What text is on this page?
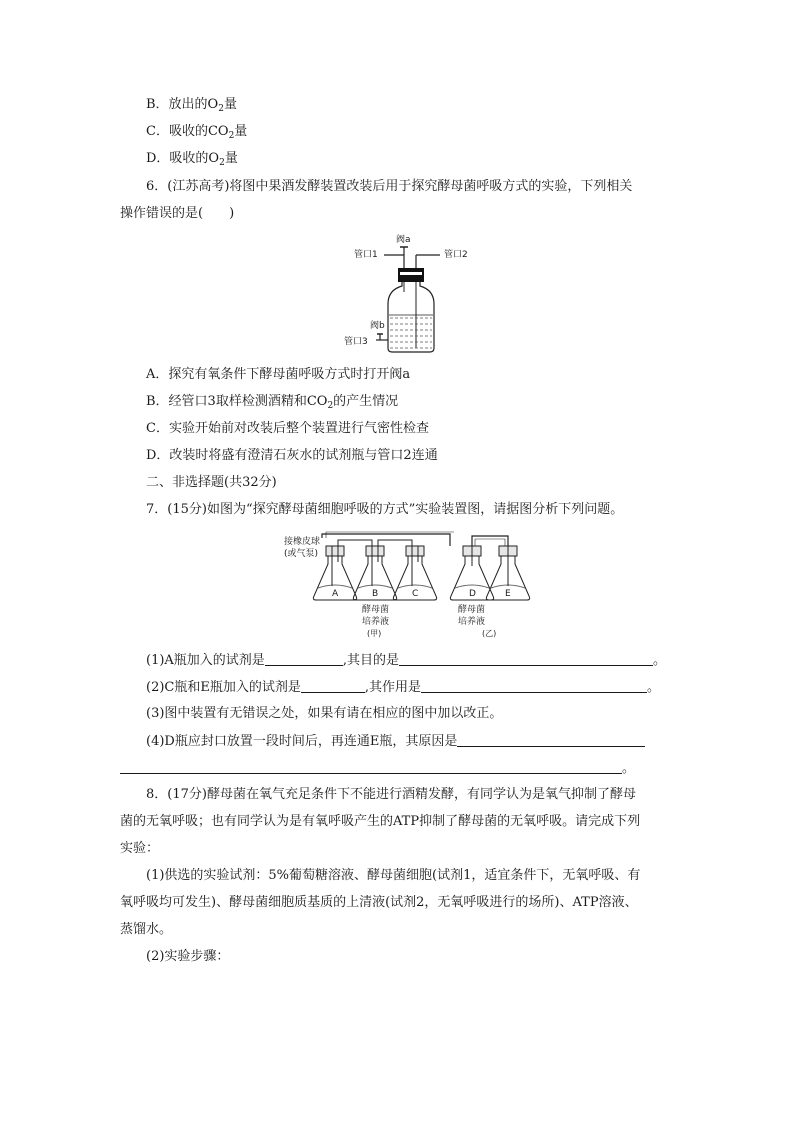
B．放出的$O_2$量
C．吸收的$CO_2$量
D．吸收的$O_2$量
6．(江苏高考)将图中果酒发酵装置改装后用于探究酵母菌呼吸方式的实验，下列相关
操作错误的是(　　)
阀a
管口1	管口2
阀b
管口3
A．探究有氧条件下酵母菌呼吸方式时打开阀a
B．经管口3取样检测酒精和$CO_2$的产生情况
C．实验开始前对改装后整个装置进行气密性检查
D．改装时将盛有澄清石灰水的试剂瓶与管口2连通
二、非选择题(共32分)
7．(15分)如图为“探究酵母菌细胞呼吸的方式”实验装置图，请据图分析下列问题。
接橡皮球
(或气泵)
A	B	C	D	E
酵母菌
培养液
(甲)
酵母菌
培养液
(乙)
(1)A瓶加入的试剂是	,其目的是	。
(2)C瓶和E瓶加入的试剂是	,其作用是	。
(3)图中装置有无错误之处，如果有请在相应的图中加以改正。
(4)D瓶应封口放置一段时间后，再连通E瓶，其原因是
。
8．(17分)酵母菌在氧气充足条件下不能进行酒精发酵，有同学认为是氧气抑制了酵母
菌的无氧呼吸；也有同学认为是有氧呼吸产生的ATP抑制了酵母菌的无氧呼吸。请完成下列
实验：
(1)供选的实验试剂：5%葡萄糖溶液、酵母菌细胞(试剂1，适宜条件下，无氧呼吸、有
氧呼吸均可发生)、酵母菌细胞质基质的上清液(试剂2，无氧呼吸进行的场所)、ATP溶液、
蒸馏水。
(2)实验步骤：
